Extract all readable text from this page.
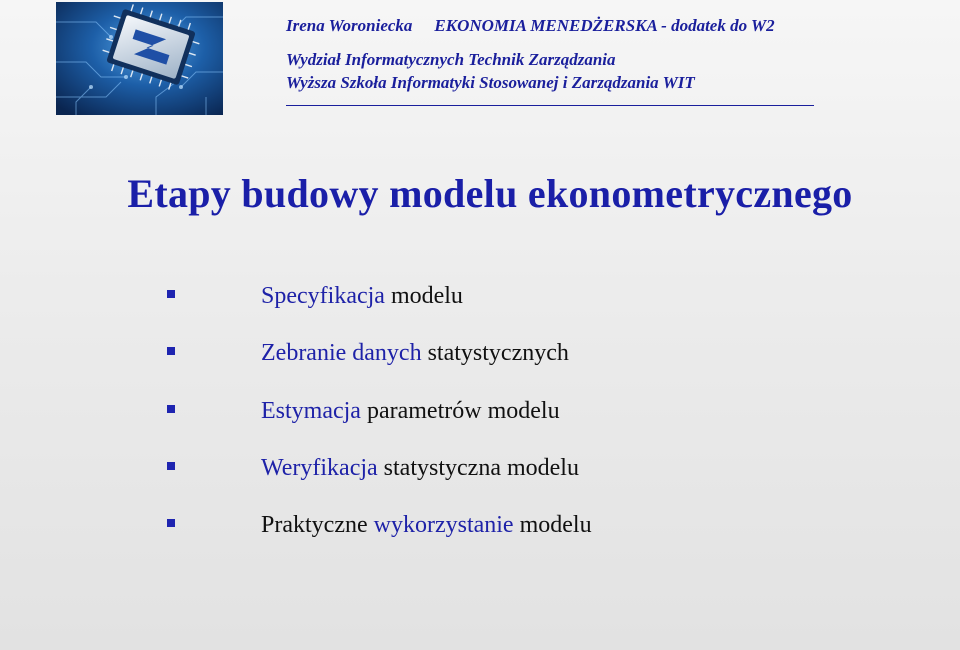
Irena Woroniecka EKONOMIA MENEDŻERSKA - dodatek do W2
Wydział Informatycznych Technik Zarządzania
Wyższa Szkoła Informatyki Stosowanej i Zarządzania WIT
Etapy budowy modelu ekonometrycznego
Specyfikacja modelu
Zebranie danych statystycznych
Estymacja parametrów modelu
Weryfikacja statystyczna modelu
Praktyczne wykorzystanie modelu
